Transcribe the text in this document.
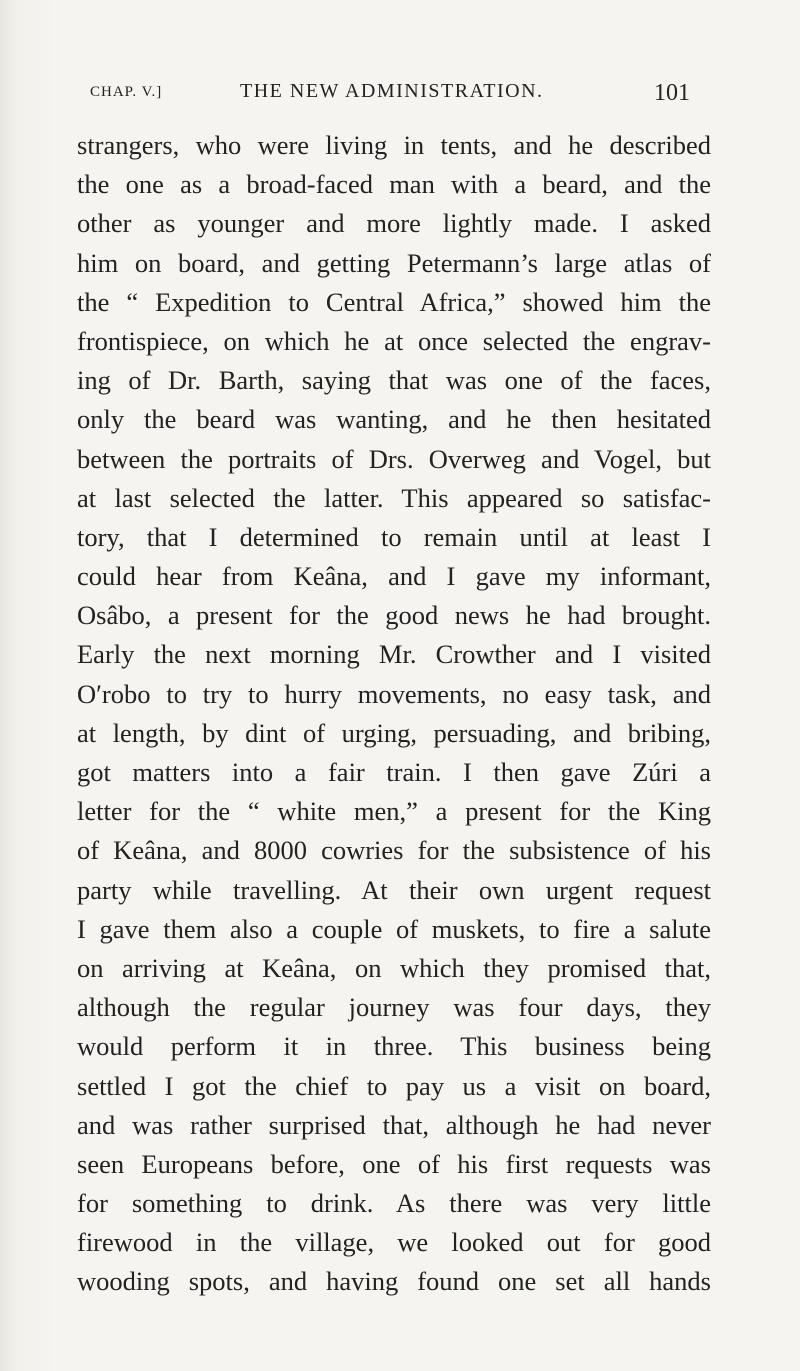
CHAP. V.]	THE NEW ADMINISTRATION.	101
strangers, who were living in tents, and he described
the one as a broad-faced man with a beard, and the
other as younger and more lightly made. I asked
him on board, and getting Petermann’s large atlas of
the “ Expedition to Central Africa,” showed him the
frontispiece, on which he at once selected the engrav-
ing of Dr. Barth, saying that was one of the faces,
only the beard was wanting, and he then hesitated
between the portraits of Drs. Overweg and Vogel, but
at last selected the latter. This appeared so satisfac-
tory, that I determined to remain until at least I
could hear from Keâna, and I gave my informant,
Osâbo, a present for the good news he had brought.
Early the next morning Mr. Crowther and I visited
O′robo to try to hurry movements, no easy task, and
at length, by dint of urging, persuading, and bribing,
got matters into a fair train. I then gave Zúri a
letter for the “ white men,” a present for the King
of Keâna, and 8000 cowries for the subsistence of his
party while travelling. At their own urgent request
I gave them also a couple of muskets, to fire a salute
on arriving at Keâna, on which they promised that,
although the regular journey was four days, they
would perform it in three. This business being
settled I got the chief to pay us a visit on board,
and was rather surprised that, although he had never
seen Europeans before, one of his first requests was
for something to drink. As there was very little
firewood in the village, we looked out for good
wooding spots, and having found one set all hands
